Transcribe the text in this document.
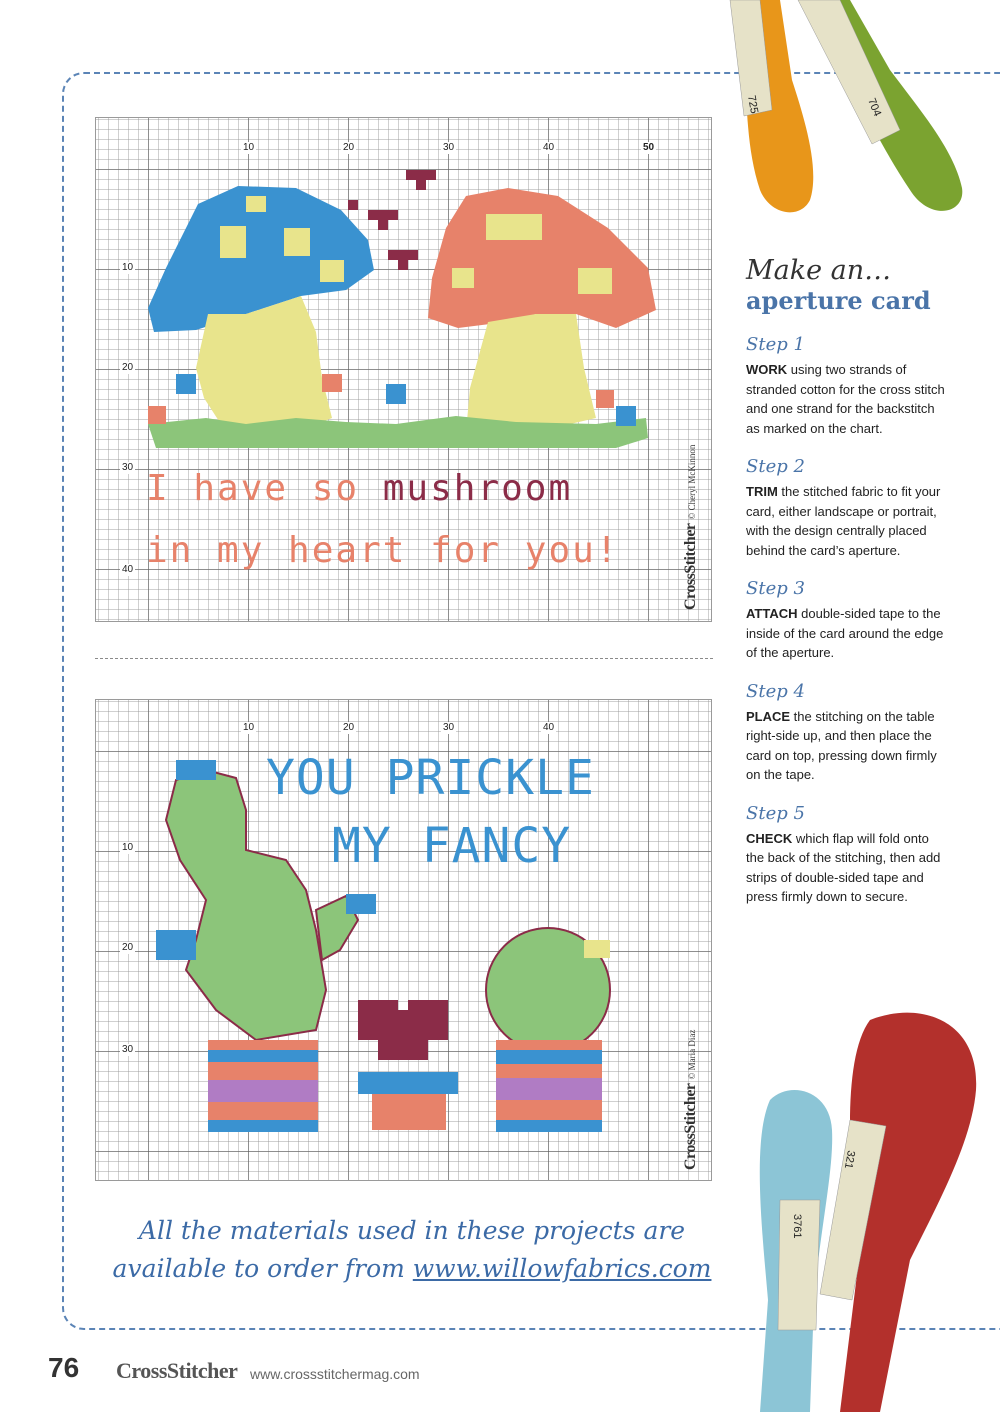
10	20	30	40	50
10
20
30
40
I have so mushroom
in my heart for you!	CrossStitcher© Cheryl McKinnon
10	20	30	40
10
20
30
YOU PRICKLE
MY FANCY
CrossStitcher© Maria Diaz
Make an…
aperture card
Step 1
WORK using two strands of stranded cotton for the cross stitch and one strand for the backstitch as marked on the chart.
Step 2
TRIM the stitched fabric to fit your card, either landscape or portrait, with the design centrally placed behind the card’s aperture.
Step 3
ATTACH double-sided tape to the inside of the card around the edge of the aperture.
Step 4
PLACE the stitching on the table right-side up, and then place the card on top, pressing down firmly on the tape.
Step 5
CHECK which flap will fold onto the back of the stitching, then add strips of double-sided tape and press firmly down to secure.
725	704
321
3761
All the materials used in these projects are
available to order from www.willowfabrics.com
76 CrossStitcher www.crossstitchermag.com
